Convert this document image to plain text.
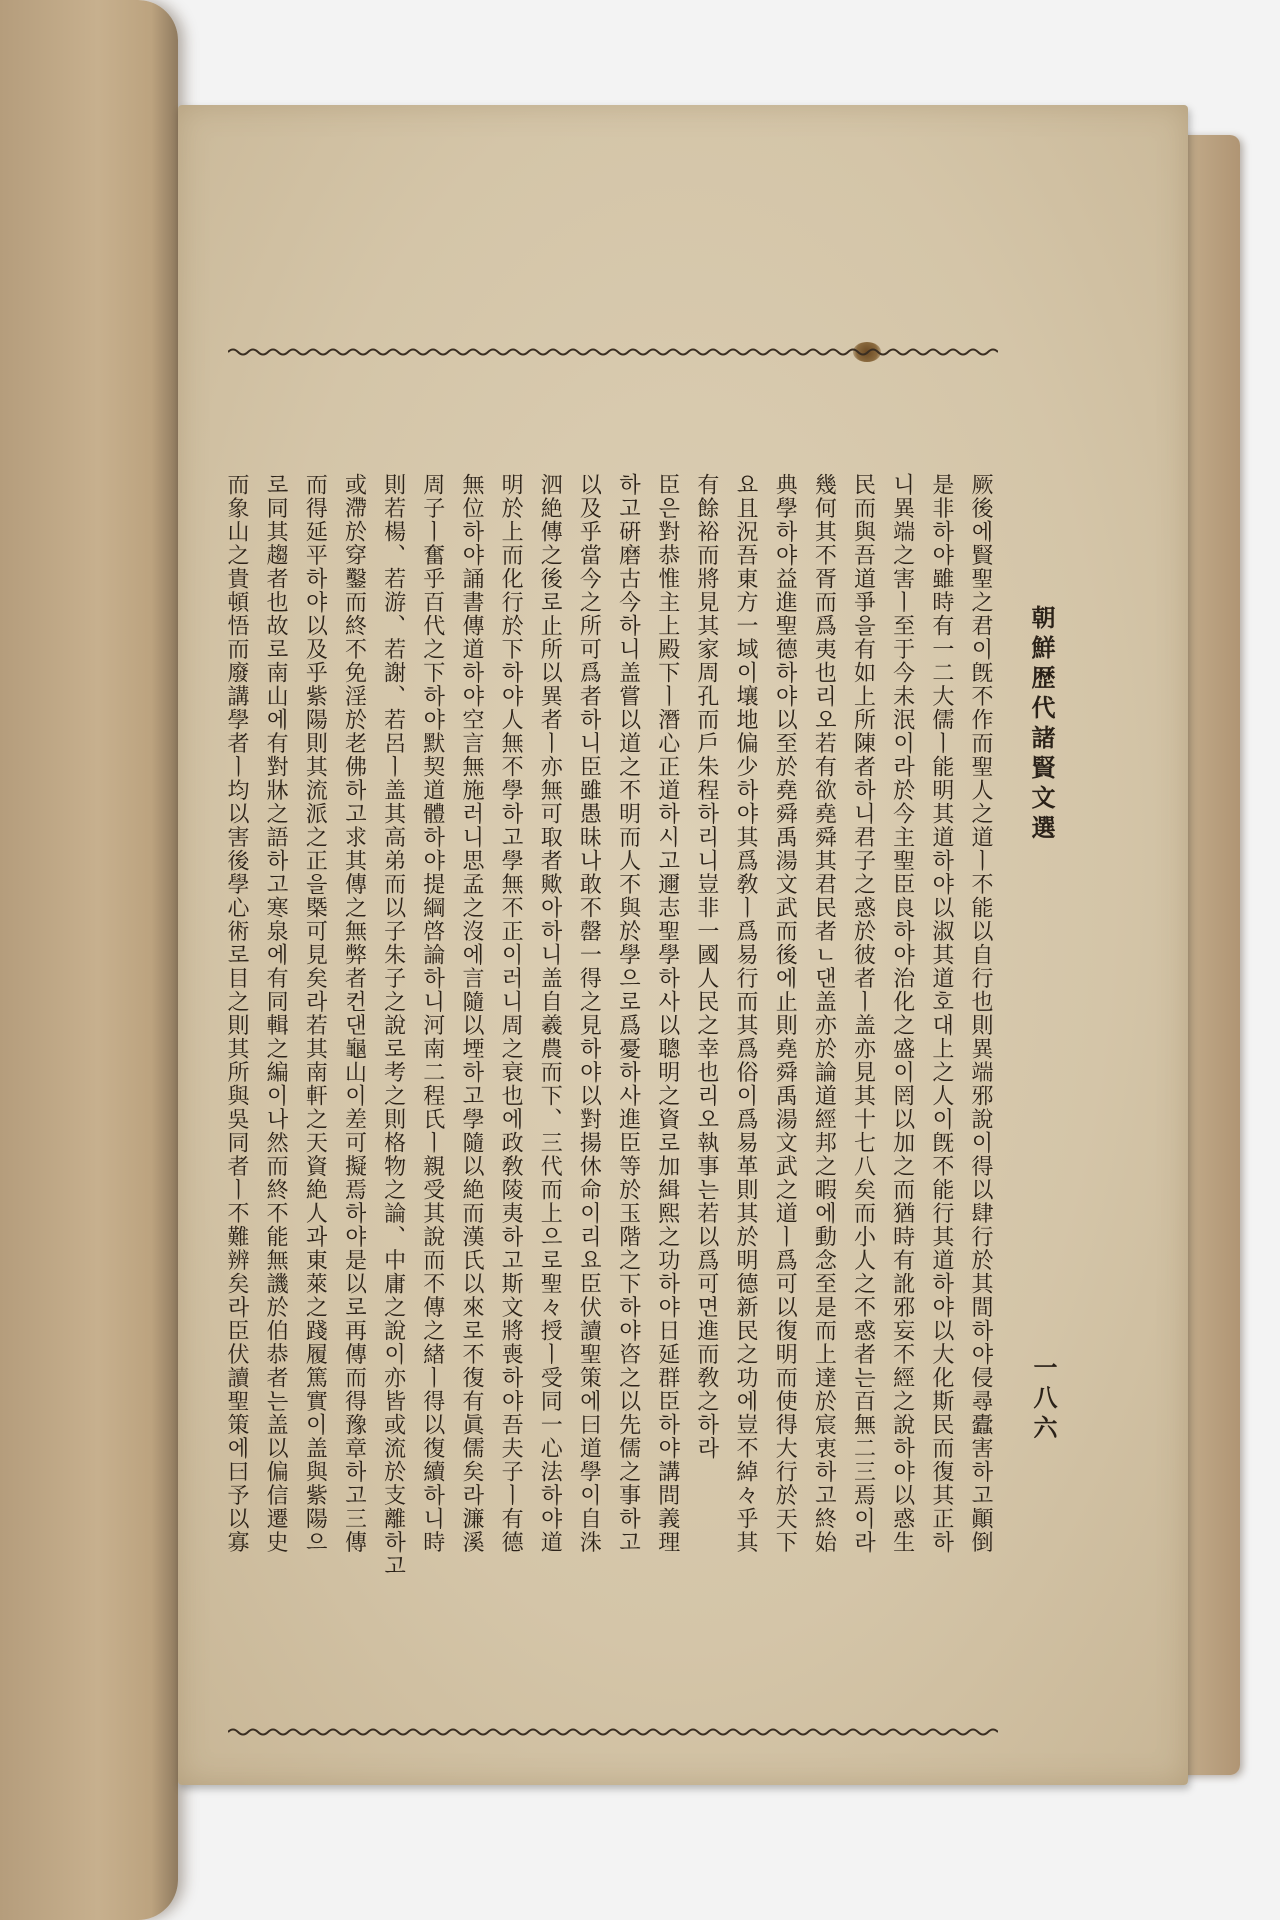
朝鮮歴代諸賢文選
厥後에賢聖之君이旣不作而聖人之道ㅣ不能以自行也則異端邪說이得以肆行於其間하야侵尋蠹害하고顚倒
是非하야雖時有一二大儒ㅣ能明其道하야以淑其道호대上之人이旣不能行其道하야以大化斯民而復其正하
니異端之害ㅣ至于今未泯이라於今主聖臣良하야治化之盛이罔以加之而猶時有訛邪妄不經之說하야以惑生
民而與吾道爭을有如上所陳者하니君子之惑於彼者ㅣ盖亦見其十七八矣而小人之不惑者는百無二三焉이라
幾何其不胥而爲夷也리오若有欲堯舜其君民者ㄴ댄盖亦於論道經邦之暇에動念至是而上達於宸衷하고終始
典學하야益進聖德하야以至於堯舜禹湯文武而後에止則堯舜禹湯文武之道ㅣ爲可以復明而使得大行於天下
요且況吾東方一域이壤地偏少하야其爲敎ㅣ爲易行而其爲俗이爲易革則其於明德新民之功에豈不綽々乎其
有餘裕而將見其家周孔而戶朱程하리니豈非一國人民之幸也리오執事는若以爲可면進而敎之하라
臣은對恭惟主上殿下ㅣ潛心正道하시고邇志聖學하사以聰明之資로加緝熙之功하야日延群臣하야講問義理
하고硏磨古今하니盖嘗以道之不明而人不與於學으로爲憂하사進臣等於玉階之下하야咨之以先儒之事하고
以及乎當今之所可爲者하니臣雖愚昧나敢不罄一得之見하야以對揚休命이리요臣伏讀聖策에曰道學이自洙
泗絶傳之後로止所以異者ㅣ亦無可取者歟아하니盖自羲農而下、三代而上으로聖々授ㅣ受同一心法하야道
明於上而化行於下하야人無不學하고學無不正이러니周之衰也에政敎陵夷하고斯文將喪하야吾夫子ㅣ有德
無位하야誦書傳道하야空言無施러니思孟之沒에言隨以堙하고學隨以絶而漢氏以來로不復有眞儒矣라濂溪
周子ㅣ奮乎百代之下하야默契道體하야提綱啓論하니河南二程氏ㅣ親受其說而不傳之緖ㅣ得以復續하니時
則若楊、若游、若謝、若呂ㅣ盖其高弟而以子朱子之說로考之則格物之論、中庸之說이亦皆或流於支離하고
或滯於穿鑿而終不免淫於老佛하고求其傳之無弊者컨댄龜山이差可擬焉하야是以로再傳而得豫章하고三傳
而得延平하야以及乎紫陽則其流派之正을槩可見矣라若其南軒之天資絶人과東萊之踐履篤實이盖與紫陽으
로同其趨者也故로南山에有對牀之語하고寒泉에有同輯之編이나然而終不能無譏於伯恭者는盖以偏信遷史
而象山之貴頓悟而廢講學者ㅣ均以害後學心術로目之則其所與吳同者ㅣ不難辨矣라臣伏讀聖策에曰予以寡	一八六
